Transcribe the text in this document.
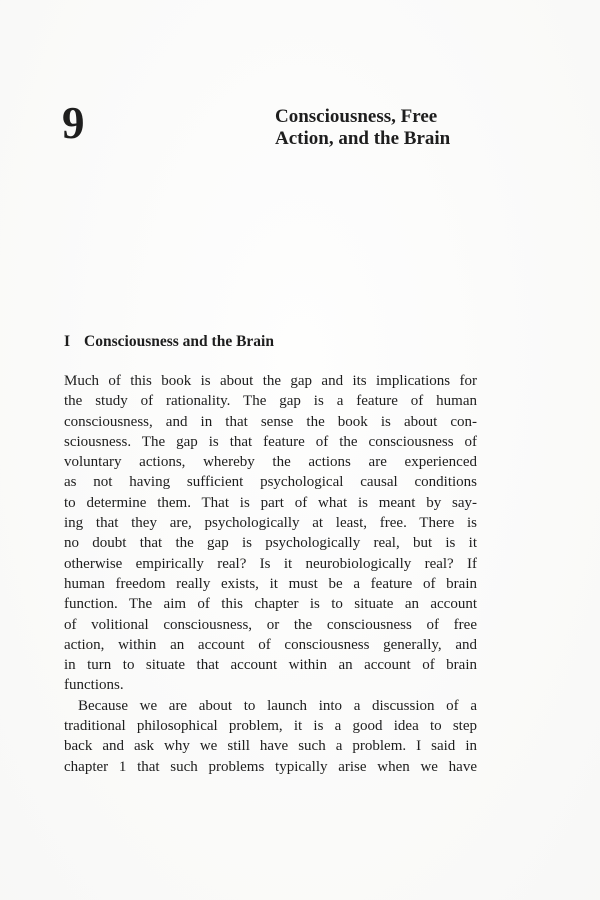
9	Consciousness, Free
Action, and the Brain
I Consciousness and the Brain
Much of this book is about the gap and its implications for
the study of rationality. The gap is a feature of human
consciousness, and in that sense the book is about con-
sciousness. The gap is that feature of the consciousness of
voluntary actions, whereby the actions are experienced
as not having sufficient psychological causal conditions
to determine them. That is part of what is meant by say-
ing that they are, psychologically at least, free. There is
no doubt that the gap is psychologically real, but is it
otherwise empirically real? Is it neurobiologically real? If
human freedom really exists, it must be a feature of brain
function. The aim of this chapter is to situate an account
of volitional consciousness, or the consciousness of free
action, within an account of consciousness generally, and
in turn to situate that account within an account of brain
functions.
Because we are about to launch into a discussion of a
traditional philosophical problem, it is a good idea to step
back and ask why we still have such a problem. I said in
chapter 1 that such problems typically arise when we have
